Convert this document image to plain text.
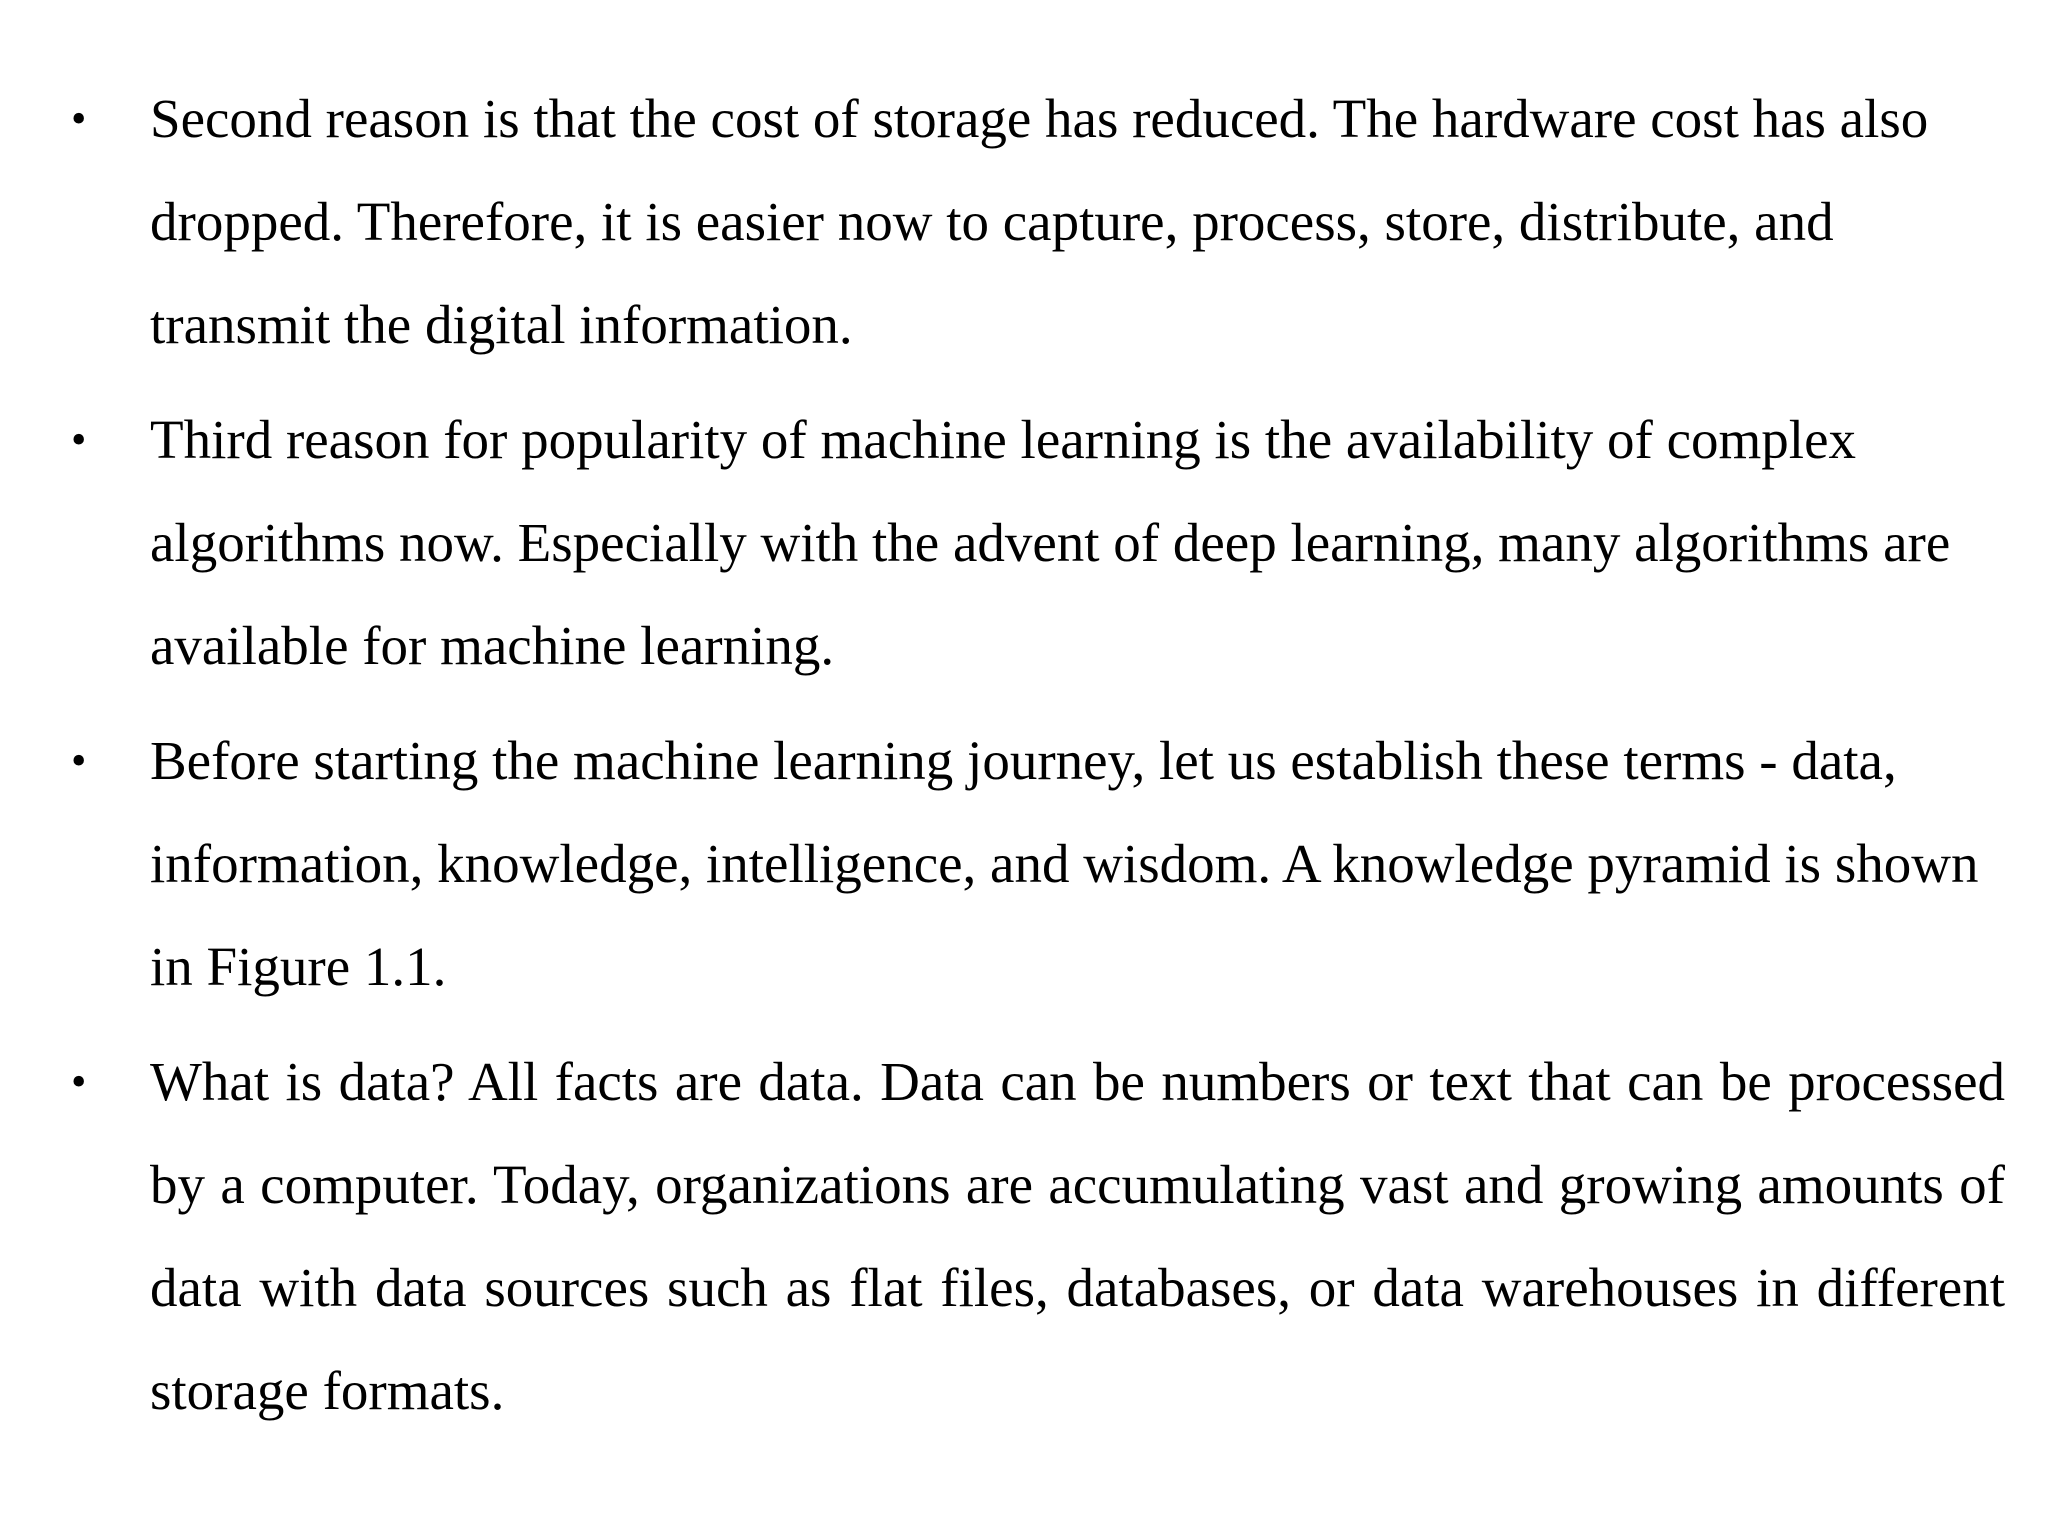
• Second reason is that the cost of storage has reduced. The hardware cost has also dropped. Therefore, it is easier now to capture, process, store, distribute, and transmit the digital information.
• Third reason for popularity of machine learning is the availability of complex algorithms now. Especially with the advent of deep learning, many algorithms are available for machine learning.
• Before starting the machine learning journey, let us establish these terms - data, information, knowledge, intelligence, and wisdom. A knowledge pyramid is shown in Figure 1.1.
• What is data? All facts are data. Data can be numbers or text that can be processed by a computer. Today, organizations are accumulating vast and growing amounts of data with data sources such as flat files, databases, or data warehouses in different storage formats.
